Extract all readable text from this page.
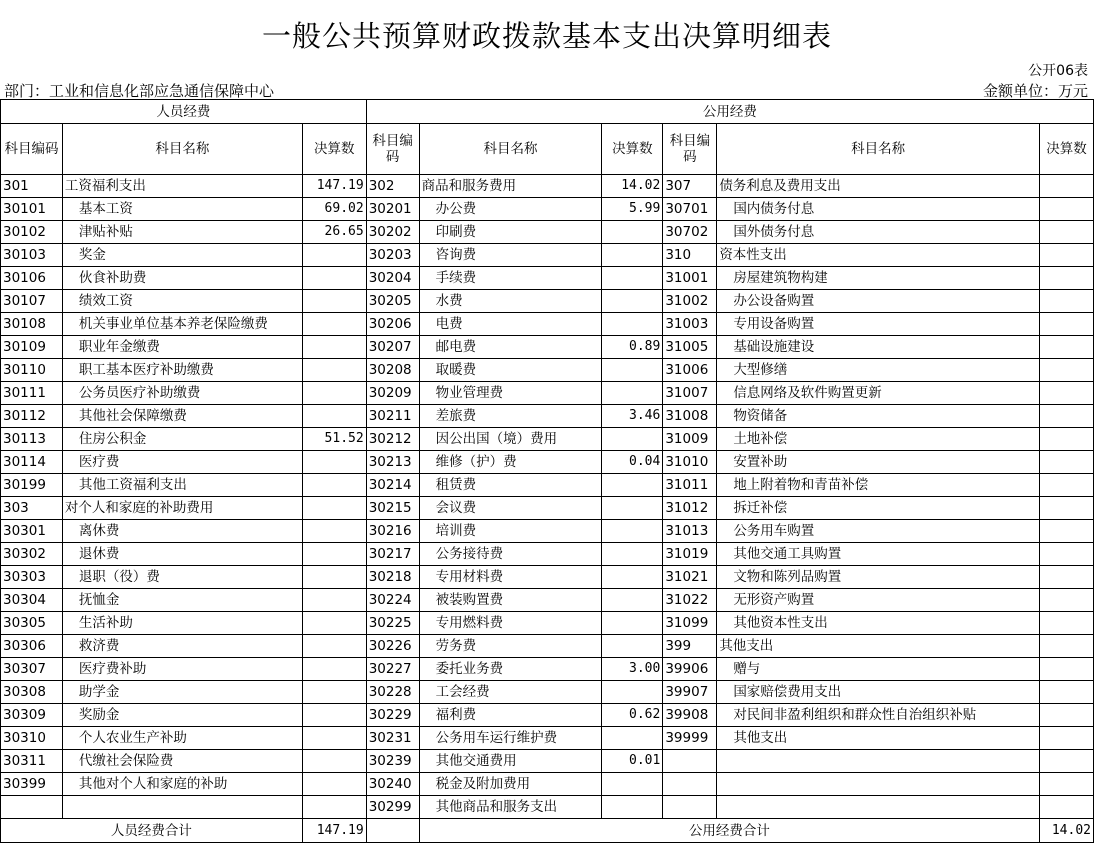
一般公共预算财政拨款基本支出决算明细表
公开06表
部门：工业和信息化部应急通信保障中心	金额单位：万元
人员经费			公用经费					
科目编码	科目名称	决算数	科目编码	科目名称	决算数	科目编码	科目名称	决算数
301	工资福利支出	147.19	302	商品和服务费用	14.02	307	债务利息及费用支出	
30101	基本工资	69.02	30201	办公费	5.99	30701	国内债务付息	
30102	津贴补贴	26.65	30202	印刷费		30702	国外债务付息	
30103	奖金		30203	咨询费		310	资本性支出	
30106	伙食补助费		30204	手续费		31001	房屋建筑物构建	
30107	绩效工资		30205	水费		31002	办公设备购置	
30108	机关事业单位基本养老保险缴费		30206	电费		31003	专用设备购置	
30109	职业年金缴费		30207	邮电费	0.89	31005	基础设施建设	
30110	职工基本医疗补助缴费		30208	取暖费		31006	大型修缮	
30111	公务员医疗补助缴费		30209	物业管理费		31007	信息网络及软件购置更新	
30112	其他社会保障缴费		30211	差旅费	3.46	31008	物资储备	
30113	住房公积金	51.52	30212	因公出国（境）费用		31009	土地补偿	
30114	医疗费		30213	维修（护）费	0.04	31010	安置补助	
30199	其他工资福利支出		30214	租赁费		31011	地上附着物和青苗补偿	
303	对个人和家庭的补助费用		30215	会议费		31012	拆迁补偿	
30301	离休费		30216	培训费		31013	公务用车购置	
30302	退休费		30217	公务接待费		31019	其他交通工具购置	
30303	退职（役）费		30218	专用材料费		31021	文物和陈列品购置	
30304	抚恤金		30224	被装购置费		31022	无形资产购置	
30305	生活补助		30225	专用燃料费		31099	其他资本性支出	
30306	救济费		30226	劳务费		399	其他支出	
30307	医疗费补助		30227	委托业务费	3.00	39906	赠与	
30308	助学金		30228	工会经费		39907	国家赔偿费用支出	
30309	奖励金		30229	福利费	0.62	39908	对民间非盈利组织和群众性自治组织补贴	
30310	个人农业生产补助		30231	公务用车运行维护费		39999	其他支出	
30311	代缴社会保险费		30239	其他交通费用	0.01			
30399	其他对个人和家庭的补助		30240	税金及附加费用				
			30299	其他商品和服务支出				
人员经费合计		147.19		公用经费合计				14.02
